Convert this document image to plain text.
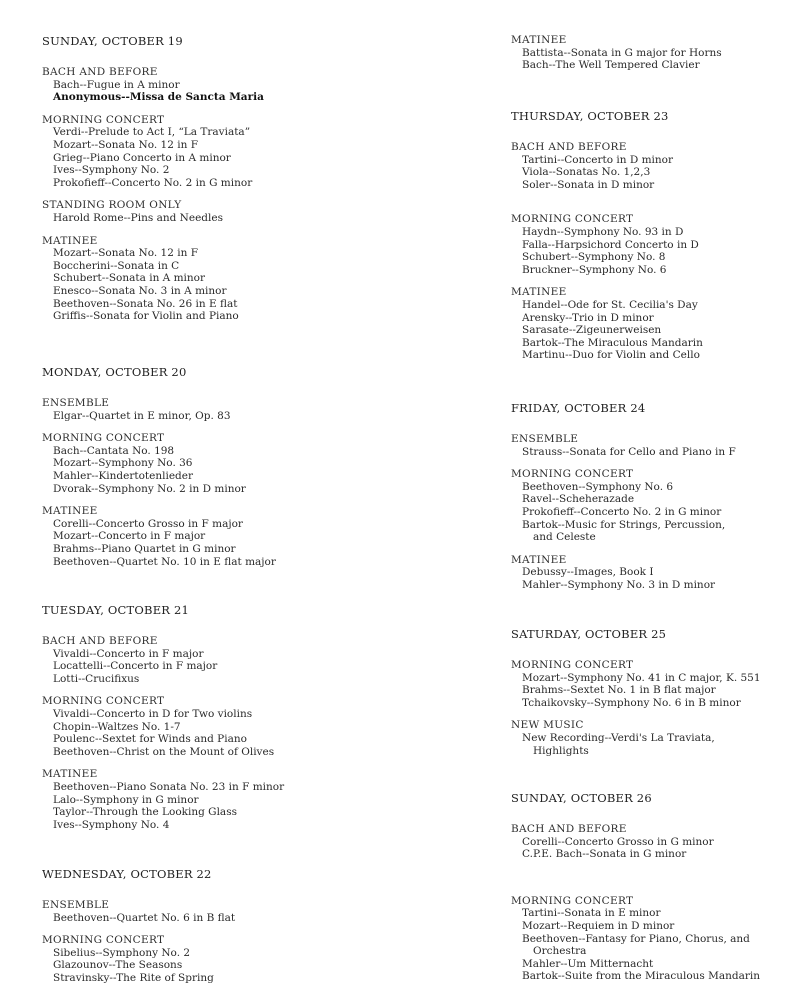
SUNDAY, OCTOBER 19
BACH AND BEFORE
Bach--Fugue in A minor
Anonymous--Missa de Sancta Maria
MORNING CONCERT
Verdi--Prelude to Act I, “La Traviata”
Mozart--Sonata No. 12 in F
Grieg--Piano Concerto in A minor
Ives--Symphony No. 2
Prokofieff--Concerto No. 2 in G minor
STANDING ROOM ONLY
Harold Rome--Pins and Needles
MATINEE
Mozart--Sonata No. 12 in F
Boccherini--Sonata in C
Schubert--Sonata in A minor
Enesco--Sonata No. 3 in A minor
Beethoven--Sonata No. 26 in E flat
Griffis--Sonata for Violin and Piano
MONDAY, OCTOBER 20
ENSEMBLE
Elgar--Quartet in E minor, Op. 83
MORNING CONCERT
Bach--Cantata No. 198
Mozart--Symphony No. 36
Mahler--Kindertotenlieder
Dvorak--Symphony No. 2 in D minor
MATINEE
Corelli--Concerto Grosso in F major
Mozart--Concerto in F major
Brahms--Piano Quartet in G minor
Beethoven--Quartet No. 10 in E flat major
TUESDAY, OCTOBER 21
BACH AND BEFORE
Vivaldi--Concerto in F major
Locattelli--Concerto in F major
Lotti--Crucifixus
MORNING CONCERT
Vivaldi--Concerto in D for Two violins
Chopin--Waltzes No. 1-7
Poulenc--Sextet for Winds and Piano
Beethoven--Christ on the Mount of Olives
MATINEE
Beethoven--Piano Sonata No. 23 in F minor
Lalo--Symphony in G minor
Taylor--Through the Looking Glass
Ives--Symphony No. 4
WEDNESDAY, OCTOBER 22
ENSEMBLE
Beethoven--Quartet No. 6 in B flat
MORNING CONCERT
Sibelius--Symphony No. 2
Glazounov--The Seasons
Stravinsky--The Rite of Spring
MATINEE
Battista--Sonata in G major for Horns
Bach--The Well Tempered Clavier
THURSDAY, OCTOBER 23
BACH AND BEFORE
Tartini--Concerto in D minor
Viola--Sonatas No. 1,2,3
Soler--Sonata in D minor
MORNING CONCERT
Haydn--Symphony No. 93 in D
Falla--Harpsichord Concerto in D
Schubert--Symphony No. 8
Bruckner--Symphony No. 6
MATINEE
Handel--Ode for St. Cecilia's Day
Arensky--Trio in D minor
Sarasate--Zigeunerweisen
Bartok--The Miraculous Mandarin
Martinu--Duo for Violin and Cello
FRIDAY, OCTOBER 24
ENSEMBLE
Strauss--Sonata for Cello and Piano in F
MORNING CONCERT
Beethoven--Symphony No. 6
Ravel--Scheherazade
Prokofieff--Concerto No. 2 in G minor
Bartok--Music for Strings, Percussion,
and Celeste
MATINEE
Debussy--Images, Book I
Mahler--Symphony No. 3 in D minor
SATURDAY, OCTOBER 25
MORNING CONCERT
Mozart--Symphony No. 41 in C major, K. 551
Brahms--Sextet No. 1 in B flat major
Tchaikovsky--Symphony No. 6 in B minor
NEW MUSIC
New Recording--Verdi's La Traviata,
Highlights
SUNDAY, OCTOBER 26
BACH AND BEFORE
Corelli--Concerto Grosso in G minor
C.P.E. Bach--Sonata in G minor
MORNING CONCERT
Tartini--Sonata in E minor
Mozart--Requiem in D minor
Beethoven--Fantasy for Piano, Chorus, and
Orchestra
Mahler--Um Mitternacht
Bartok--Suite from the Miraculous Mandarin
